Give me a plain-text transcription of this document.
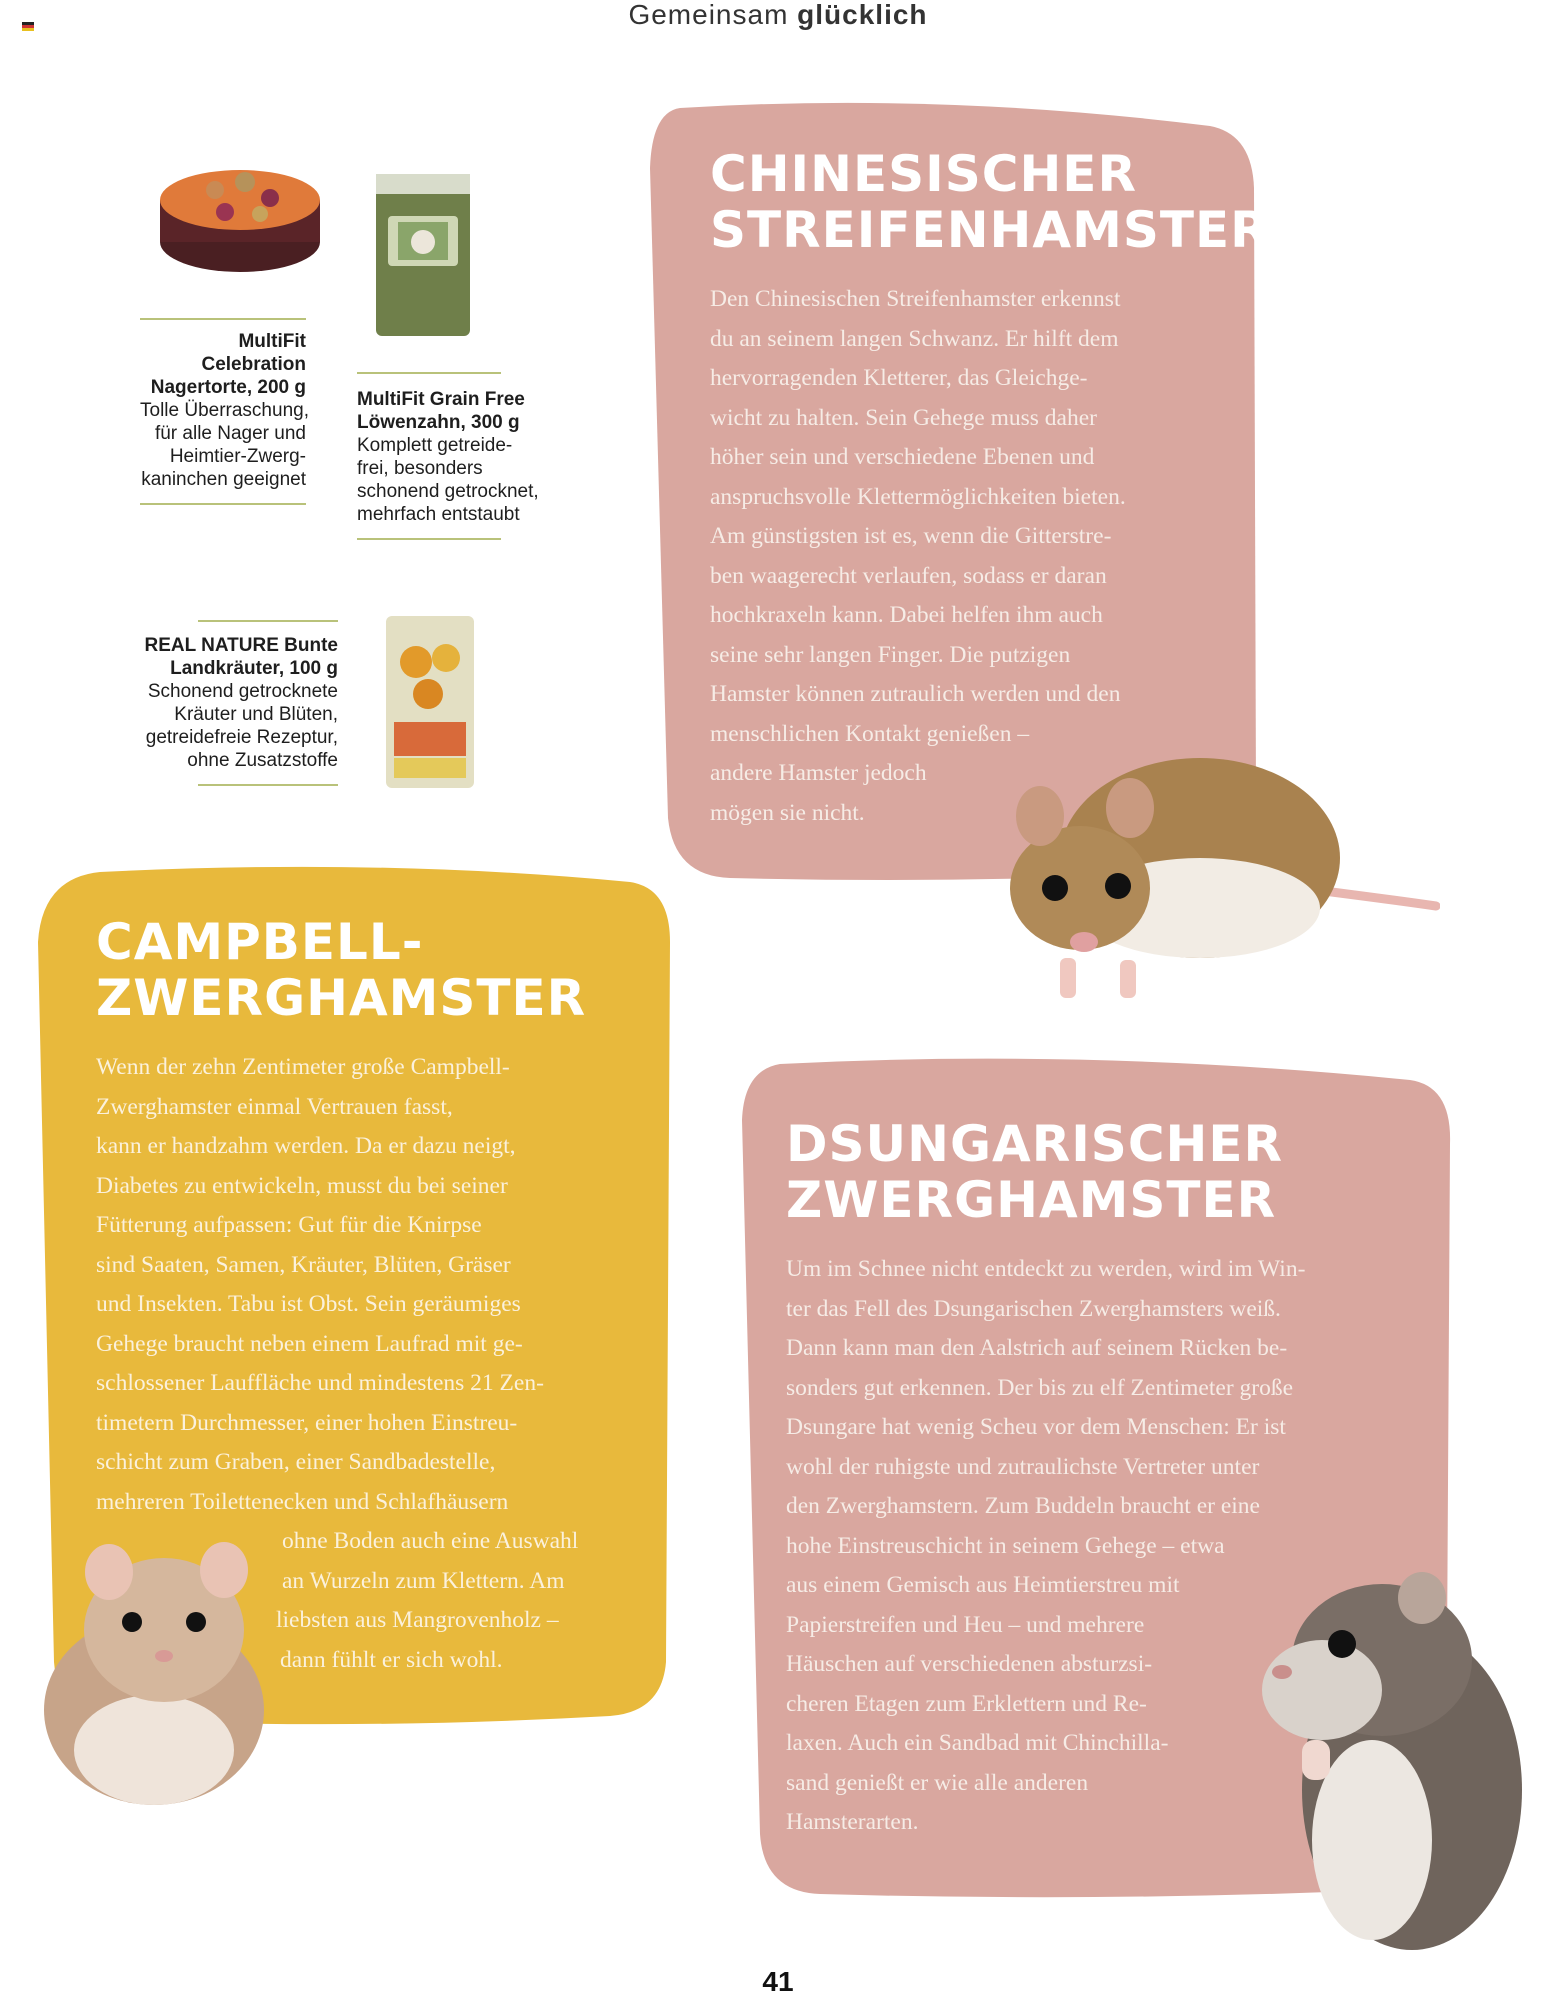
Gemeinsam glücklich
MultiFit Celebration
Nagertorte, 200 g
Tolle Überraschung,
für alle Nager und
Heimtier-Zwerg-
kaninchen geeignet
MultiFit Grain Free
Löwenzahn, 300 g
Komplett getreide-
frei, besonders
schonend getrocknet,
mehrfach entstaubt
REAL NATURE Bunte
Landkräuter, 100 g
Schonend getrocknete
Kräuter und Blüten,
getreidefreie Rezeptur,
ohne Zusatzstoffe
CHINESISCHER
STREIFENHAMSTER
Den Chinesischen Streifenhamster erkennst
du an seinem langen Schwanz. Er hilft dem
hervorragenden Kletterer, das Gleichge-
wicht zu halten. Sein Gehege muss daher
höher sein und verschiedene Ebenen und
anspruchsvolle Klettermöglichkeiten bieten.
Am günstigsten ist es, wenn die Gitterstre-
ben waagerecht verlaufen, sodass er daran
hochkraxeln kann. Dabei helfen ihm auch
seine sehr langen Finger. Die putzigen
Hamster können zutraulich werden und den
menschlichen Kontakt genießen –
andere Hamster jedoch
mögen sie nicht.
CAMPBELL-
ZWERGHAMSTER
Wenn der zehn Zentimeter große Campbell-
Zwerghamster einmal Vertrauen fasst,
kann er handzahm werden. Da er dazu neigt,
Diabetes zu entwickeln, musst du bei seiner
Fütterung aufpassen: Gut für die Knirpse
sind Saaten, Samen, Kräuter, Blüten, Gräser
und Insekten. Tabu ist Obst. Sein geräumiges
Gehege braucht neben einem Laufrad mit ge-
schlossener Lauffläche und mindestens 21 Zen-
timetern Durchmesser, einer hohen Einstreu-
schicht zum Graben, einer Sandbadestelle,
mehreren Toilettenecken und Schlafhäusern
ohne Boden auch eine Auswahl
an Wurzeln zum Klettern. Am
liebsten aus Mangrovenholz –
dann fühlt er sich wohl.
DSUNGARISCHER
ZWERGHAMSTER
Um im Schnee nicht entdeckt zu werden, wird im Win-
ter das Fell des Dsungarischen Zwerghamsters weiß.
Dann kann man den Aalstrich auf seinem Rücken be-
sonders gut erkennen. Der bis zu elf Zentimeter große
Dsungare hat wenig Scheu vor dem Menschen: Er ist
wohl der ruhigste und zutraulichste Vertreter unter
den Zwerghamstern. Zum Buddeln braucht er eine
hohe Einstreuschicht in seinem Gehege – etwa
aus einem Gemisch aus Heimtierstreu mit
Papierstreifen und Heu – und mehrere
Häuschen auf verschiedenen absturzsi-
cheren Etagen zum Erklettern und Re-
laxen. Auch ein Sandbad mit Chinchilla-
sand genießt er wie alle anderen
Hamsterarten.
41
